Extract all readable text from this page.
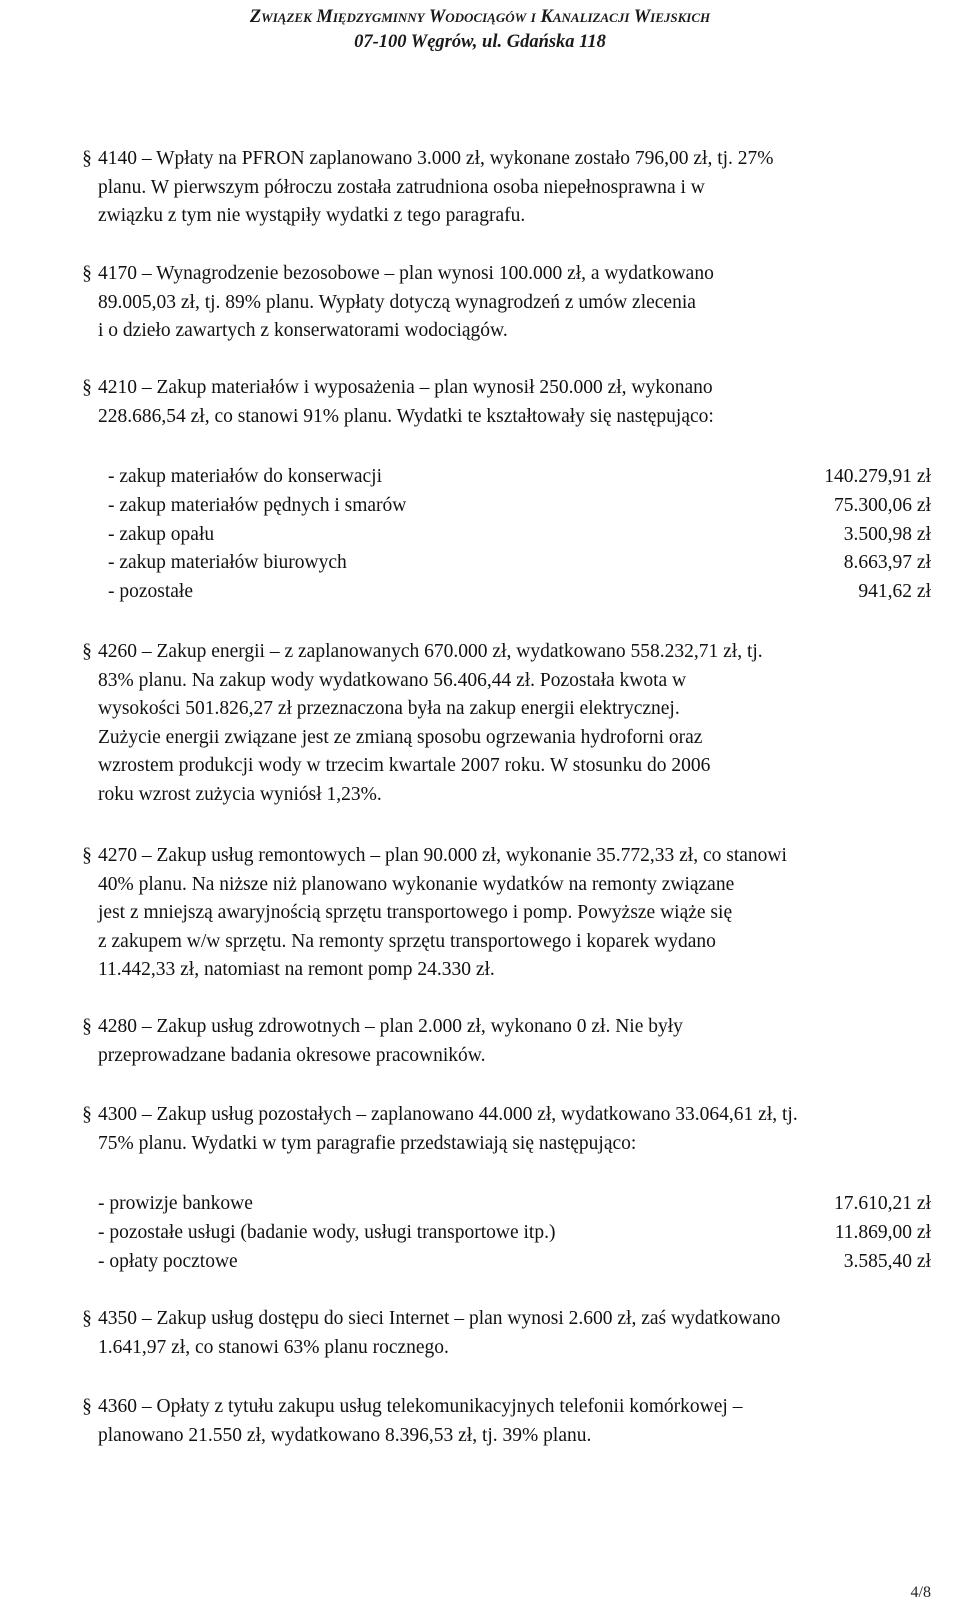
Związek Międzygminny Wodociągów i Kanalizacji Wiejskich
07-100 Węgrów, ul. Gdańska 118
§ 4140 – Wpłaty na PFRON zaplanowano 3.000 zł, wykonane zostało 796,00 zł, tj. 27%
planu. W pierwszym półroczu została zatrudniona osoba niepełnosprawna i w
związku z tym nie wystąpiły wydatki z tego paragrafu.
§ 4170 – Wynagrodzenie bezosobowe – plan wynosi 100.000 zł, a wydatkowano
89.005,03 zł, tj. 89% planu. Wypłaty dotyczą wynagrodzeń z umów zlecenia
i o dzieło zawartych z konserwatorami wodociągów.
§ 4210 – Zakup materiałów i wyposażenia – plan wynosił 250.000 zł, wykonano
228.686,54 zł, co stanowi 91% planu. Wydatki te kształtowały się następująco:
- zakup materiałów do konserwacji	140.279,91 zł
- zakup materiałów pędnych i smarów	75.300,06 zł
- zakup opału	3.500,98 zł
- zakup materiałów biurowych	8.663,97 zł
- pozostałe	941,62 zł
§ 4260 – Zakup energii – z zaplanowanych 670.000 zł, wydatkowano 558.232,71 zł, tj.
83% planu. Na zakup wody wydatkowano 56.406,44 zł. Pozostała kwota w
wysokości 501.826,27 zł przeznaczona była na zakup energii elektrycznej.
Zużycie energii związane jest ze zmianą sposobu ogrzewania hydroforni oraz
wzrostem produkcji wody w trzecim kwartale 2007 roku. W stosunku do 2006
roku wzrost zużycia wyniósł 1,23%.
§ 4270 – Zakup usług remontowych – plan 90.000 zł, wykonanie 35.772,33 zł, co stanowi
40% planu. Na niższe niż planowano wykonanie wydatków na remonty związane
jest z mniejszą awaryjnością sprzętu transportowego i pomp. Powyższe wiąże się
z zakupem w/w sprzętu. Na remonty sprzętu transportowego i koparek wydano
11.442,33 zł, natomiast na remont pomp 24.330 zł.
§ 4280 – Zakup usług zdrowotnych – plan 2.000 zł, wykonano 0 zł. Nie były
przeprowadzane badania okresowe pracowników.
§ 4300 – Zakup usług pozostałych – zaplanowano 44.000 zł, wydatkowano 33.064,61 zł, tj.
75% planu. Wydatki w tym paragrafie przedstawiają się następująco:
- prowizje bankowe	17.610,21 zł
- pozostałe usługi (badanie wody, usługi transportowe itp.)	11.869,00 zł
- opłaty pocztowe	3.585,40 zł
§ 4350 – Zakup usług dostępu do sieci Internet – plan wynosi 2.600 zł, zaś wydatkowano
1.641,97 zł, co stanowi 63% planu rocznego.
§ 4360 – Opłaty z tytułu zakupu usług telekomunikacyjnych telefonii komórkowej –
planowano 21.550 zł, wydatkowano 8.396,53 zł, tj. 39% planu.
4/8
